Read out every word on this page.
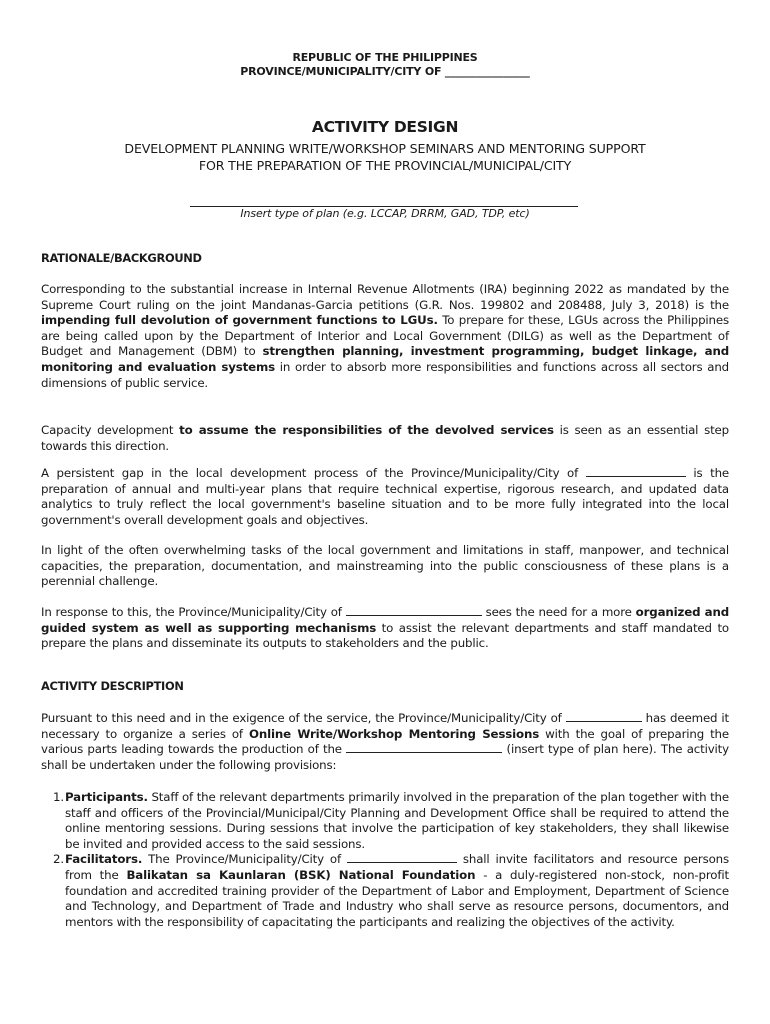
REPUBLIC OF THE PHILIPPINES
PROVINCE/MUNICIPALITY/CITY OF ________________
ACTIVITY DESIGN
DEVELOPMENT PLANNING WRITE/WORKSHOP SEMINARS AND MENTORING SUPPORT
FOR THE PREPARATION OF THE PROVINCIAL/MUNICIPAL/CITY
Insert type of plan (e.g. LCCAP, DRRM, GAD, TDP, etc)
RATIONALE/BACKGROUND
Corresponding to the substantial increase in Internal Revenue Allotments (IRA) beginning 2022 as mandated by the Supreme Court ruling on the joint Mandanas-Garcia petitions (G.R. Nos. 199802 and 208488, July 3, 2018) is the impending full devolution of government functions to LGUs. To prepare for these, LGUs across the Philippines are being called upon by the Department of Interior and Local Government (DILG) as well as the Department of Budget and Management (DBM) to strengthen planning, investment programming, budget linkage, and monitoring and evaluation systems in order to absorb more responsibilities and functions across all sectors and dimensions of public service.
Capacity development to assume the responsibilities of the devolved services is seen as an essential step towards this direction.
A persistent gap in the local development process of the Province/Municipality/City of	is the preparation of annual and multi-year plans that require technical expertise, rigorous research, and updated data analytics to truly reflect the local government's baseline situation and to be more fully integrated into the local government's overall development goals and objectives.
In light of the often overwhelming tasks of the local government and limitations in staff, manpower, and technical capacities, the preparation, documentation, and mainstreaming into the public consciousness of these plans is a perennial challenge.
In response to this, the Province/Municipality/City of	sees the need for a more organized and guided system as well as supporting mechanisms to assist the relevant departments and staff mandated to prepare the plans and disseminate its outputs to stakeholders and the public.
ACTIVITY DESCRIPTION
Pursuant to this need and in the exigence of the service, the Province/Municipality/City of	has deemed it necessary to organize a series of Online Write/Workshop Mentoring Sessions with the goal of preparing the various parts leading towards the production of the	(insert type of plan here). The activity shall be undertaken under the following provisions:
1. Participants. Staff of the relevant departments primarily involved in the preparation of the plan together with the staff and officers of the Provincial/Municipal/City Planning and Development Office shall be required to attend the online mentoring sessions. During sessions that involve the participation of key stakeholders, they shall likewise be invited and provided access to the said sessions.
2. Facilitators. The Province/Municipality/City of	shall invite facilitators and resource persons from the Balikatan sa Kaunlaran (BSK) National Foundation - a duly-registered non-stock, non-profit foundation and accredited training provider of the Department of Labor and Employment, Department of Science and Technology, and Department of Trade and Industry who shall serve as resource persons, documentors, and mentors with the responsibility of capacitating the participants and realizing the objectives of the activity.
